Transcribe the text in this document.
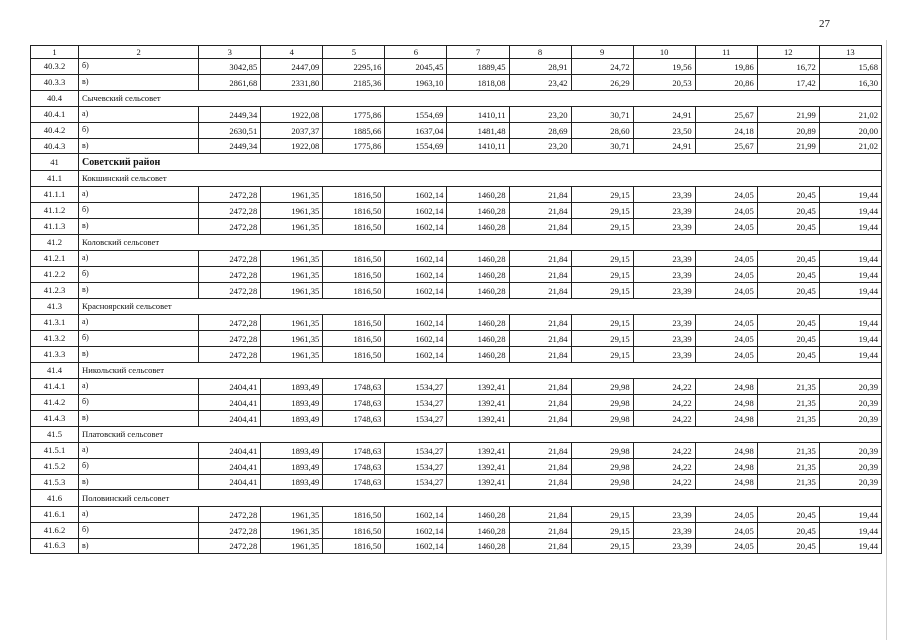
27
1	2	3	4	5	6	7	8	9	10	11	12	13
40.3.2	б)	3042,85	2447,09	2295,16	2045,45	1889,45	28,91	24,72	19,56	19,86	16,72	15,68
40.3.3	в)	2861,68	2331,80	2185,36	1963,10	1818,08	23,42	26,29	20,53	20,86	17,42	16,30
40.4	Сычевский сельсовет											
40.4.1	а)	2449,34	1922,08	1775,86	1554,69	1410,11	23,20	30,71	24,91	25,67	21,99	21,02
40.4.2	б)	2630,51	2037,37	1885,66	1637,04	1481,48	28,69	28,60	23,50	24,18	20,89	20,00
40.4.3	в)	2449,34	1922,08	1775,86	1554,69	1410,11	23,20	30,71	24,91	25,67	21,99	21,02
41	Советский район											
41.1	Кокшинский сельсовет											
41.1.1	а)	2472,28	1961,35	1816,50	1602,14	1460,28	21,84	29,15	23,39	24,05	20,45	19,44
41.1.2	б)	2472,28	1961,35	1816,50	1602,14	1460,28	21,84	29,15	23,39	24,05	20,45	19,44
41.1.3	в)	2472,28	1961,35	1816,50	1602,14	1460,28	21,84	29,15	23,39	24,05	20,45	19,44
41.2	Коловский сельсовет											
41.2.1	а)	2472,28	1961,35	1816,50	1602,14	1460,28	21,84	29,15	23,39	24,05	20,45	19,44
41.2.2	б)	2472,28	1961,35	1816,50	1602,14	1460,28	21,84	29,15	23,39	24,05	20,45	19,44
41.2.3	в)	2472,28	1961,35	1816,50	1602,14	1460,28	21,84	29,15	23,39	24,05	20,45	19,44
41.3	Красноярский сельсовет											
41.3.1	а)	2472,28	1961,35	1816,50	1602,14	1460,28	21,84	29,15	23,39	24,05	20,45	19,44
41.3.2	б)	2472,28	1961,35	1816,50	1602,14	1460,28	21,84	29,15	23,39	24,05	20,45	19,44
41.3.3	в)	2472,28	1961,35	1816,50	1602,14	1460,28	21,84	29,15	23,39	24,05	20,45	19,44
41.4	Никольский сельсовет											
41.4.1	а)	2404,41	1893,49	1748,63	1534,27	1392,41	21,84	29,98	24,22	24,98	21,35	20,39
41.4.2	б)	2404,41	1893,49	1748,63	1534,27	1392,41	21,84	29,98	24,22	24,98	21,35	20,39
41.4.3	в)	2404,41	1893,49	1748,63	1534,27	1392,41	21,84	29,98	24,22	24,98	21,35	20,39
41.5	Платовский сельсовет											
41.5.1	а)	2404,41	1893,49	1748,63	1534,27	1392,41	21,84	29,98	24,22	24,98	21,35	20,39
41.5.2	б)	2404,41	1893,49	1748,63	1534,27	1392,41	21,84	29,98	24,22	24,98	21,35	20,39
41.5.3	в)	2404,41	1893,49	1748,63	1534,27	1392,41	21,84	29,98	24,22	24,98	21,35	20,39
41.6	Половинский сельсовет											
41.6.1	а)	2472,28	1961,35	1816,50	1602,14	1460,28	21,84	29,15	23,39	24,05	20,45	19,44
41.6.2	б)	2472,28	1961,35	1816,50	1602,14	1460,28	21,84	29,15	23,39	24,05	20,45	19,44
41.6.3	в)	2472,28	1961,35	1816,50	1602,14	1460,28	21,84	29,15	23,39	24,05	20,45	19,44
